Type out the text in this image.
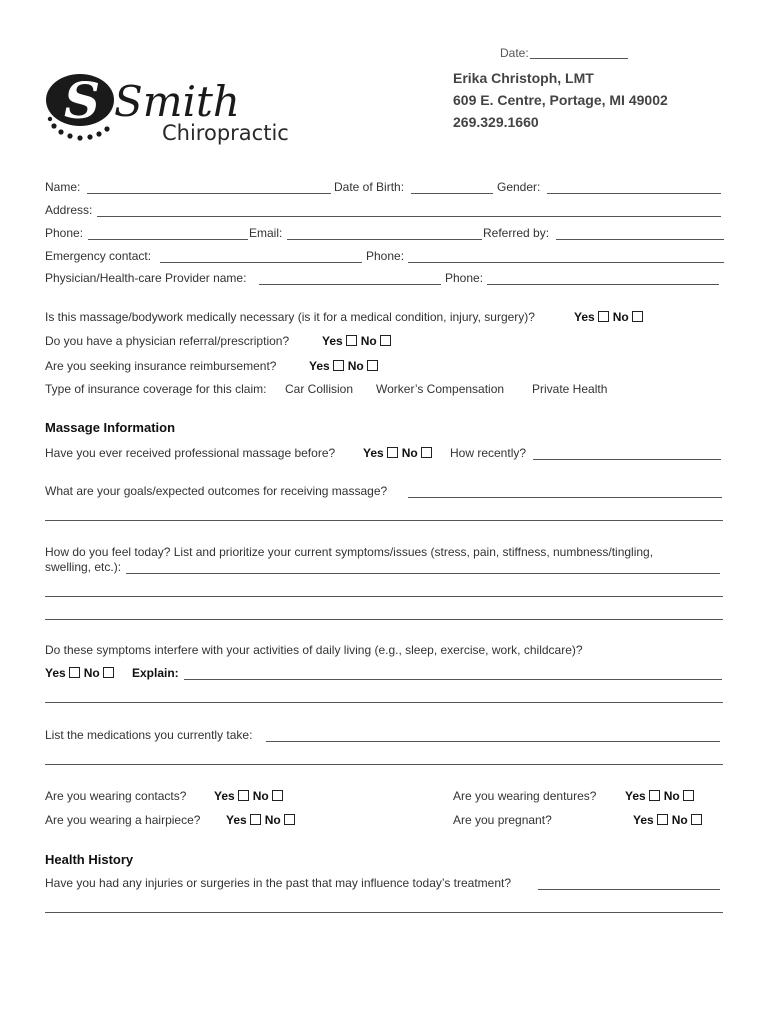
Date:
S Smith
Chiropractic
Erika Christoph, LMT
609 E. Centre, Portage, MI 49002
269.329.1660
Name:	Date of Birth:	Gender:
Address:
Phone:	Email:	Referred by:
Emergency contact:	Phone:
Physician/Health-care Provider name:	Phone:
Is this massage/bodywork medically necessary (is it for a medical condition, injury, surgery)?	Yes No
Do you have a physician referral/prescription?	Yes No
Are you seeking insurance reimbursement?	Yes No
Type of insurance coverage for this claim: Car Collision Worker’s Compensation Private Health
Massage Information
Have you ever received professional massage before? Yes No	How recently?
What are your goals/expected outcomes for receiving massage?
How do you feel today? List and prioritize your current symptoms/issues (stress, pain, stiffness, numbness/tingling,
swelling, etc.):
Do these symptoms interfere with your activities of daily living (e.g., sleep, exercise, work, childcare)?
Yes No	Explain:
List the medications you currently take:
Are you wearing contacts? Yes No	Are you wearing dentures? Yes No
Are you wearing a hairpiece? Yes No	Are you pregnant?	Yes No
Health History
Have you had any injuries or surgeries in the past that may influence today’s treatment?
